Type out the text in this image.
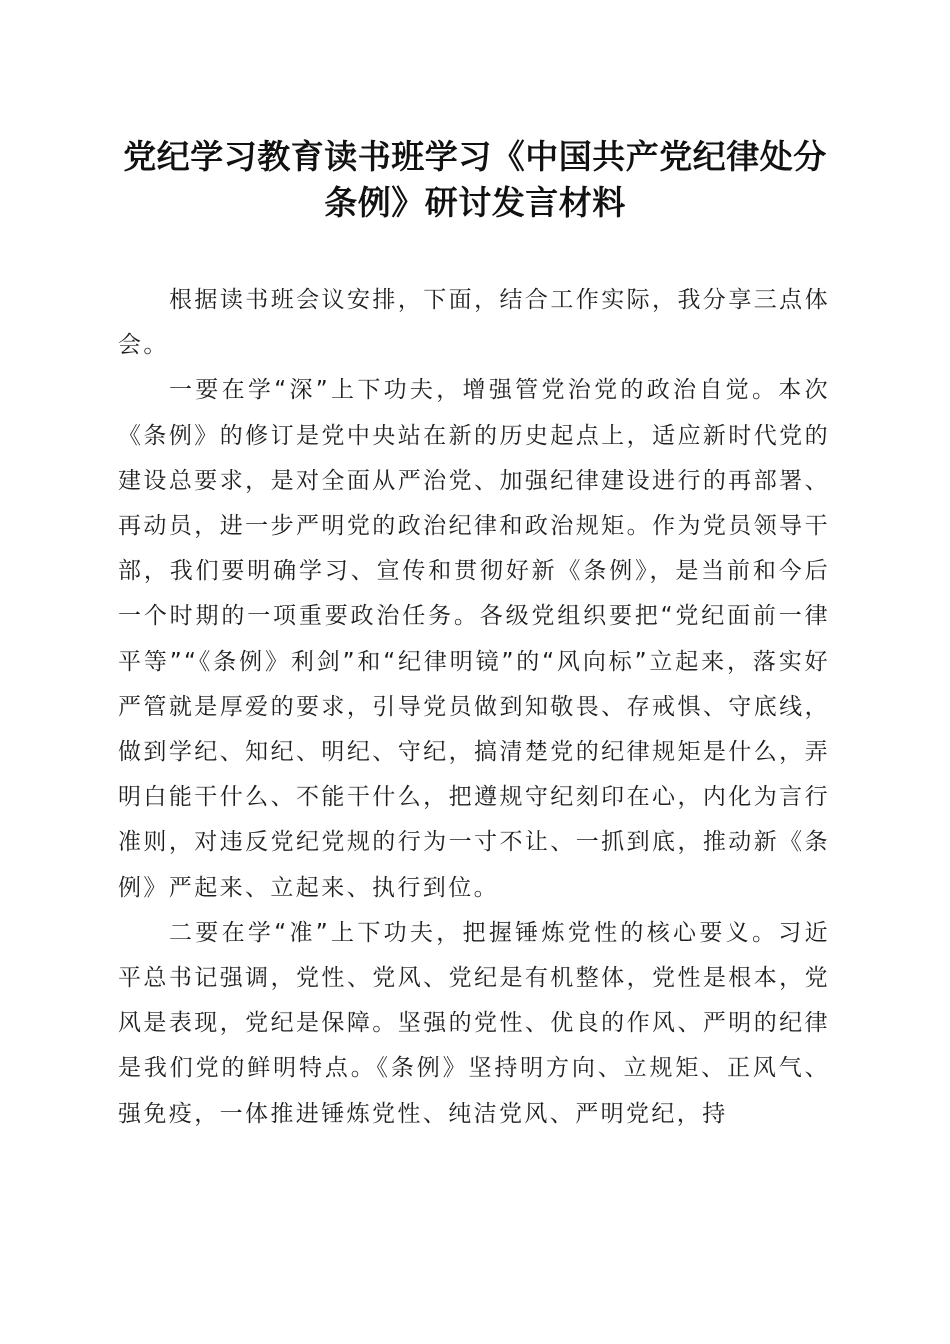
党纪学习教育读书班学习《中国共产党纪律处分条例》研讨发言材料

根据读书班会议安排，下面，结合工作实际，我分享三点体会。

一要在学“深”上下功夫，增强管党治党的政治自觉。本次《条例》的修订是党中央站在新的历史起点上，适应新时代党的建设总要求，是对全面从严治党、加强纪律建设进行的再部署、再动员，进一步严明党的政治纪律和政治规矩。作为党员领导干部，我们要明确学习、宣传和贯彻好新《条例》，是当前和今后一个时期的一项重要政治任务。各级党组织要把“党纪面前一律平等”“《条例》利剑”和“纪律明镜”的“风向标”立起来，落实好严管就是厚爱的要求，引导党员做到知敬畏、存戒惧、守底线，做到学纪、知纪、明纪、守纪，搞清楚党的纪律规矩是什么，弄明白能干什么、不能干什么，把遵规守纪刻印在心，内化为言行准则，对违反党纪党规的行为一寸不让、一抓到底，推动新《条例》严起来、立起来、执行到位。

二要在学“准”上下功夫，把握锤炼党性的核心要义。习近平总书记强调，党性、党风、党纪是有机整体，党性是根本，党风是表现，党纪是保障。坚强的党性、优良的作风、严明的纪律是我们党的鲜明特点。《条例》坚持明方向、立规矩、正风气、强免疫，一体推进锤炼党性、纯洁党风、严明党纪，持
